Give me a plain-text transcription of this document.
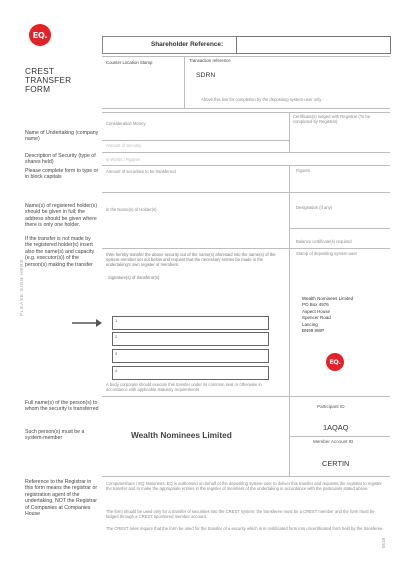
EQ.
Shareholder Reference:
CREST
TRANSFER
FORM
Counter Location Stamp	Transaction reference
SDRN
Above this line for completion by the depositing system-user only
Consideration Money
Certificate(s) lodged with Registrar (To be completed by Registrar)
Name of Undertaking (company name)
Description of Security (type of shares held)
Amount of Security
in Words / Figures
Please complete form to type or in block capitals
Amount of securities to be transferred	Figures
Name(s) of registered holder(s) should be given in full; the address should be given where there is only one holder.
If the transfer is not made by the registered holder(s) insert also the name(s) and capacity (e.g. executor(s)) of the person(s) making the transfer
in the Name(s) of Holder(s)	Designation (if any)
Balance certificate(s) required
I/We hereby transfer the above security out of the name(s) aforesaid into the name(s) of the system-member set out below and request that the necessary entries be made in the undertaking's own register of members.
Signature(s) of transferor(s)
PLEASE SIGN HERE
1
2
3
4
A body corporate should execute this transfer under its common seal or otherwise in accordance with applicable statutory requirements
Stamp of depositing system-user
Wealth Nominees Limited
PO Box 4976
Aspect House
Spencer Road
Lancing
BN99 8WP
EQ.
Full name(s) of the person(s) to whom the security is transferred
Such person(s) must be a system-member	Wealth Nominees Limited
Participant ID
1AQAQ
Member Account ID
CERTIN
Reference to the Registrar in this form means the registrar or registration agent of the undertaking, NOT the Registrar of Companies at Companies House
Computershare / EQ Nominees: EQ is authorised on behalf of the depositing system-user to deliver this transfer and requests the registrar to register the transfer and to make the appropriate entries in the register of members of the undertaking in accordance with the particulars stated above.
The form should be used only for a transfer of securities into the CREST system; the transferee must be a CREST member and the form must be lodged through a CREST sponsored member account.
The CREST rules require that the form be used for the transfer of a security which is in certificated form into uncertificated form held by the transferee.
0518
